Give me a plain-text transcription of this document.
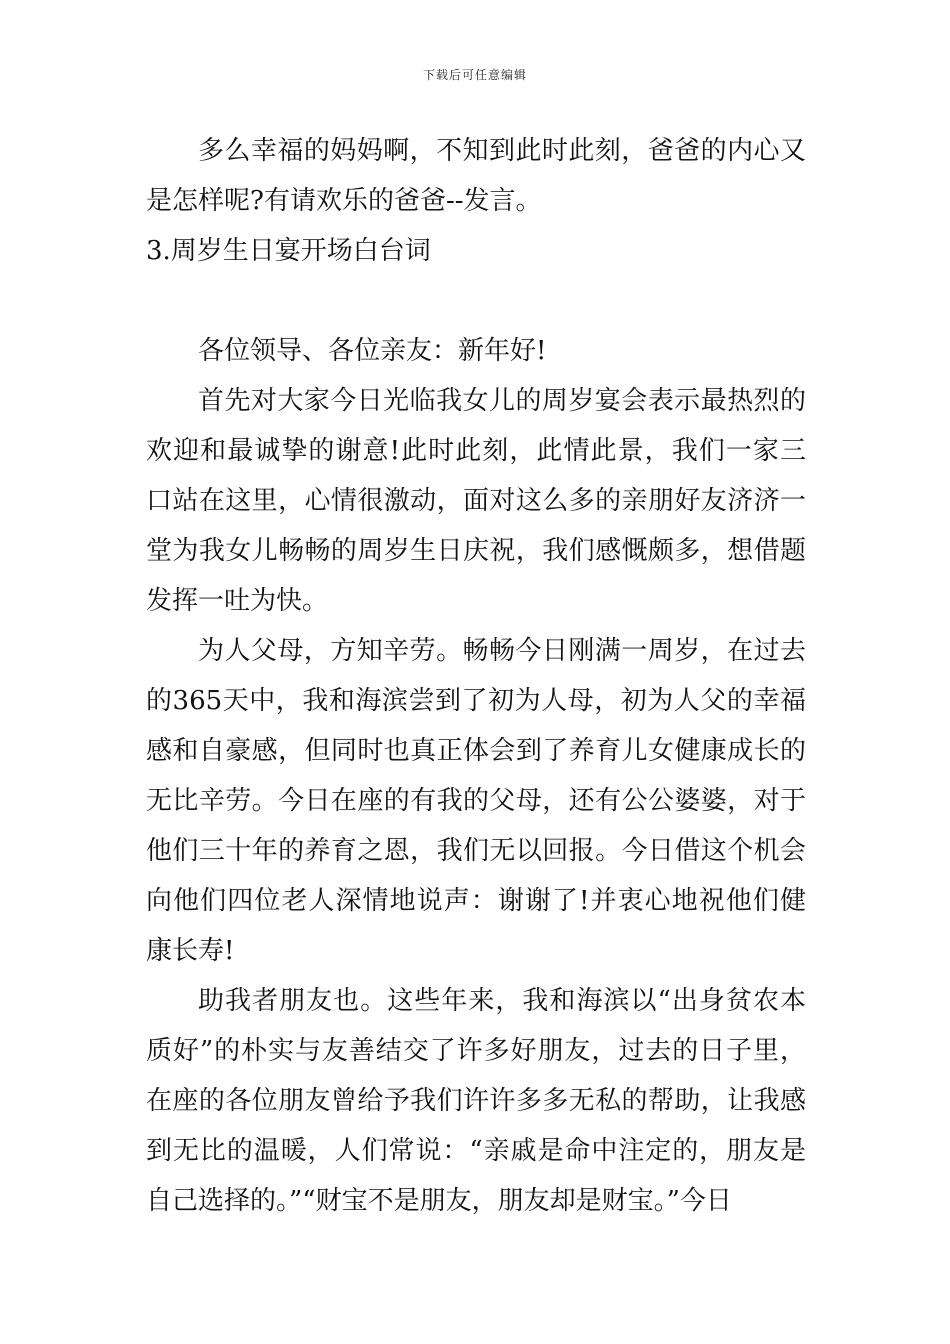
下载后可任意编辑

多么幸福的妈妈啊，不知到此时此刻，爸爸的内心又是怎样呢?有请欢乐的爸爸--发言。

3.周岁生日宴开场白台词

各位领导、各位亲友：新年好!

首先对大家今日光临我女儿的周岁宴会表示最热烈的欢迎和最诚挚的谢意!此时此刻，此情此景，我们一家三口站在这里，心情很激动，面对这么多的亲朋好友济济一堂为我女儿畅畅的周岁生日庆祝，我们感慨颇多，想借题发挥一吐为快。

为人父母，方知辛劳。畅畅今日刚满一周岁，在过去的365天中，我和海滨尝到了初为人母，初为人父的幸福感和自豪感，但同时也真正体会到了养育儿女健康成长的无比辛劳。今日在座的有我的父母，还有公公婆婆，对于他们三十年的养育之恩，我们无以回报。今日借这个机会向他们四位老人深情地说声：谢谢了!并衷心地祝他们健康长寿!

助我者朋友也。这些年来，我和海滨以“出身贫农本质好”的朴实与友善结交了许多好朋友，过去的日子里，在座的各位朋友曾给予我们许许多多无私的帮助，让我感到无比的温暖，人们常说：“亲戚是命中注定的，朋友是自己选择的。”“财宝不是朋友，朋友却是财宝。”今日
